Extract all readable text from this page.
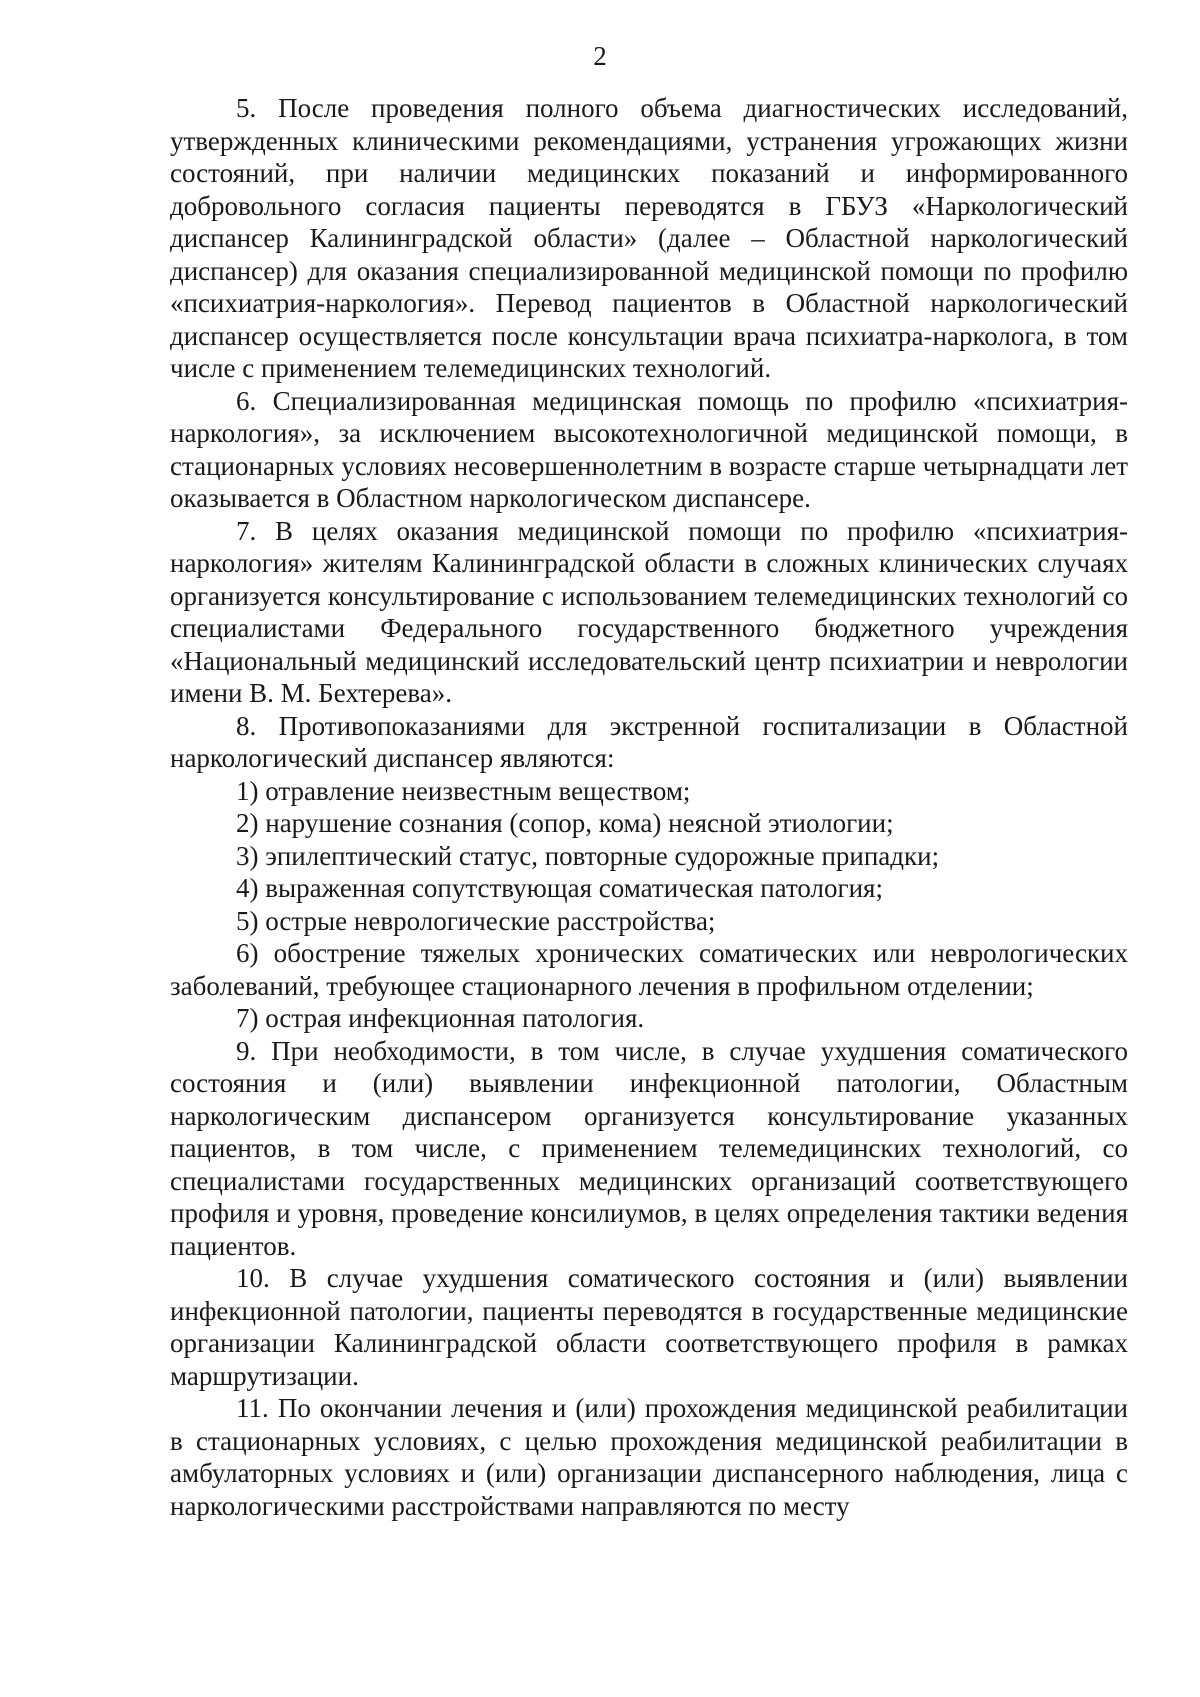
2

5. После проведения полного объема диагностических исследований, утвержденных клиническими рекомендациями, устранения угрожающих жизни состояний, при наличии медицинских показаний и информированного добровольного согласия пациенты переводятся в ГБУЗ «Наркологический диспансер Калининградской области» (далее – Областной наркологический диспансер) для оказания специализированной медицинской помощи по профилю «психиатрия-наркология». Перевод пациентов в Областной наркологический диспансер осуществляется после консультации врача психиатра-нарколога, в том числе с применением телемедицинских технологий.

6. Специализированная медицинская помощь по профилю «психиатрия-наркология», за исключением высокотехнологичной медицинской помощи, в стационарных условиях несовершеннолетним в возрасте старше четырнадцати лет оказывается в Областном наркологическом диспансере.

7. В целях оказания медицинской помощи по профилю «психиатрия-наркология» жителям Калининградской области в сложных клинических случаях организуется консультирование с использованием телемедицинских технологий со специалистами Федерального государственного бюджетного учреждения «Национальный медицинский исследовательский центр психиатрии и неврологии имени В. М. Бехтерева».

8. Противопоказаниями для экстренной госпитализации в Областной наркологический диспансер являются:

1) отравление неизвестным веществом;

2) нарушение сознания (сопор, кома) неясной этиологии;

3) эпилептический статус, повторные судорожные припадки;

4) выраженная сопутствующая соматическая патология;

5) острые неврологические расстройства;

6) обострение тяжелых хронических соматических или неврологических заболеваний, требующее стационарного лечения в профильном отделении;

7) острая инфекционная патология.

9. При необходимости, в том числе, в случае ухудшения соматического состояния и (или) выявлении инфекционной патологии, Областным наркологическим диспансером организуется консультирование указанных пациентов, в том числе, с применением телемедицинских технологий, со специалистами государственных медицинских организаций соответствующего профиля и уровня, проведение консилиумов, в целях определения тактики ведения пациентов.

10. В случае ухудшения соматического состояния и (или) выявлении инфекционной патологии, пациенты переводятся в государственные медицинские организации Калининградской области соответствующего профиля в рамках маршрутизации.

11. По окончании лечения и (или) прохождения медицинской реабилитации в стационарных условиях, с целью прохождения медицинской реабилитации в амбулаторных условиях и (или) организации диспансерного наблюдения, лица с наркологическими расстройствами направляются по месту
